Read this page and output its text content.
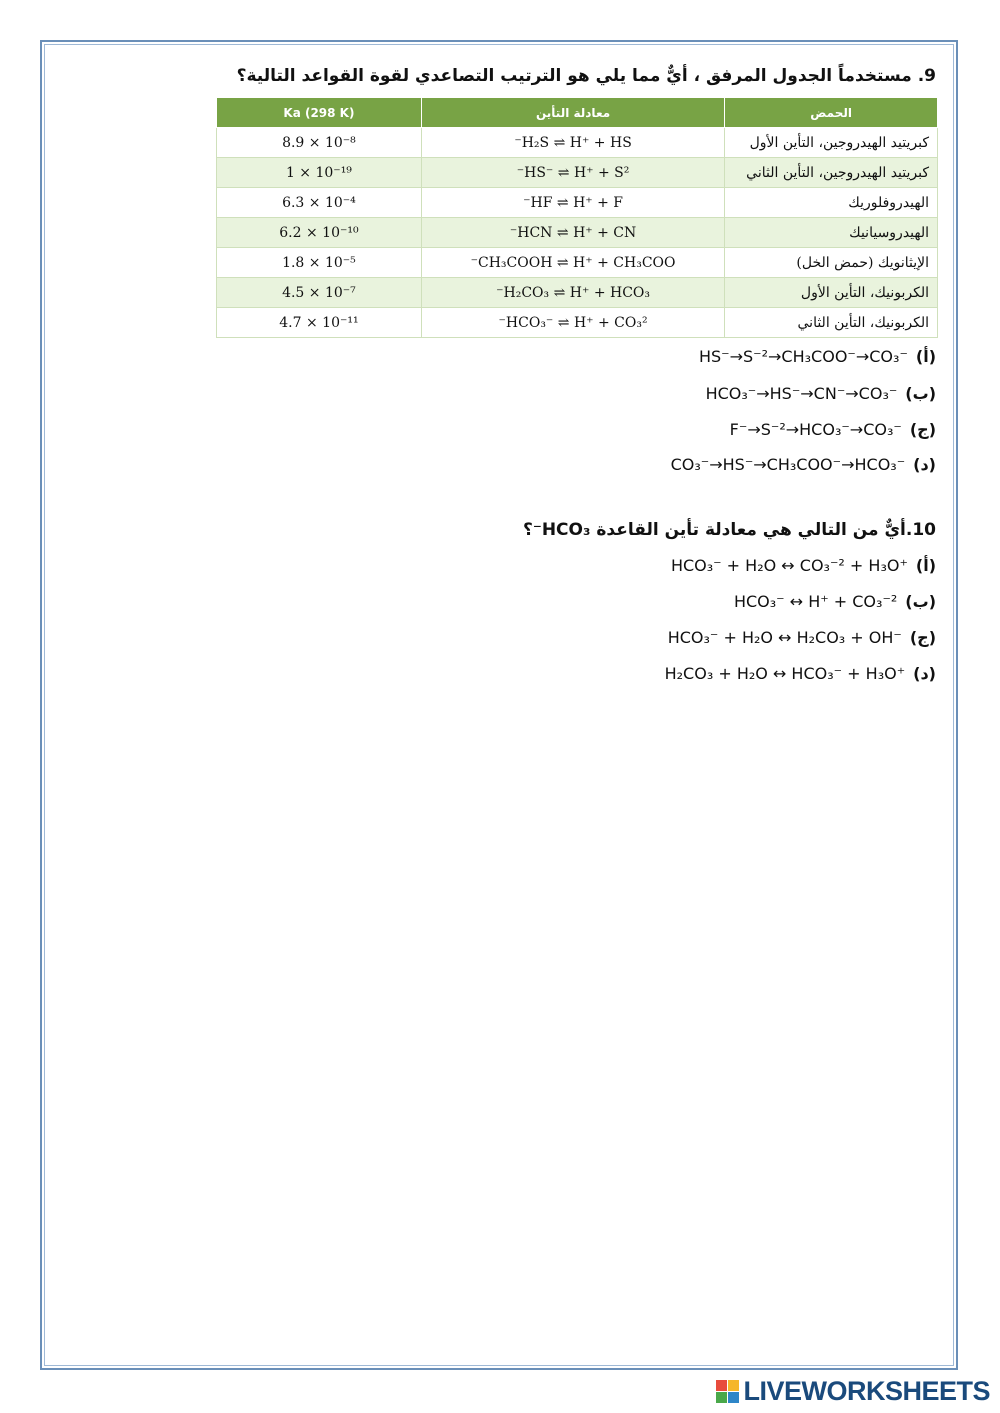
9. مستخدماً الجدول المرفق ، أيٌّ مما يلي هو الترتيب التصاعدي لقوة القواعد التالية؟
الحمض	معادلة التأين	Ka (298 K)
كبريتيد الهيدروجين، التأين الأول	H₂S ⇌ H⁺ + HS⁻	8.9 × 10⁻⁸
كبريتيد الهيدروجين، التأين الثاني	HS⁻ ⇌ H⁺ + S²⁻	1 × 10⁻¹⁹
الهيدروفلوريك	HF ⇌ H⁺ + F⁻	6.3 × 10⁻⁴
الهيدروسيانيك	HCN ⇌ H⁺ + CN⁻	6.2 × 10⁻¹⁰
الإيثانويك (حمض الخل)	CH₃COOH ⇌ H⁺ + CH₃COO⁻	1.8 × 10⁻⁵
الكربونيك، التأين الأول	H₂CO₃ ⇌ H⁺ + HCO₃⁻	4.5 × 10⁻⁷
الكربونيك، التأين الثاني	HCO₃⁻ ⇌ H⁺ + CO₃²⁻	4.7 × 10⁻¹¹
HS⁻→S⁻²→CH₃COO⁻→CO₃⁻ (أ)
HCO₃⁻→HS⁻→CN⁻→CO₃⁻ (ب)
F⁻→S⁻²→HCO₃⁻→CO₃⁻ (ج)
CO₃⁻→HS⁻→CH₃COO⁻→HCO₃⁻ (د)
10.أيٌّ من التالي هي معادلة تأين القاعدة HCO₃⁻؟
HCO₃⁻ + H₂O ↔ CO₃⁻² + H₃O⁺ (أ)
HCO₃⁻ ↔ H⁺ + CO₃⁻² (ب)
HCO₃⁻ + H₂O ↔ H₂CO₃ + OH⁻ (ج)
H₂CO₃ + H₂O ↔ HCO₃⁻ + H₃O⁺ (د)
LIVEWORKSHEETS
